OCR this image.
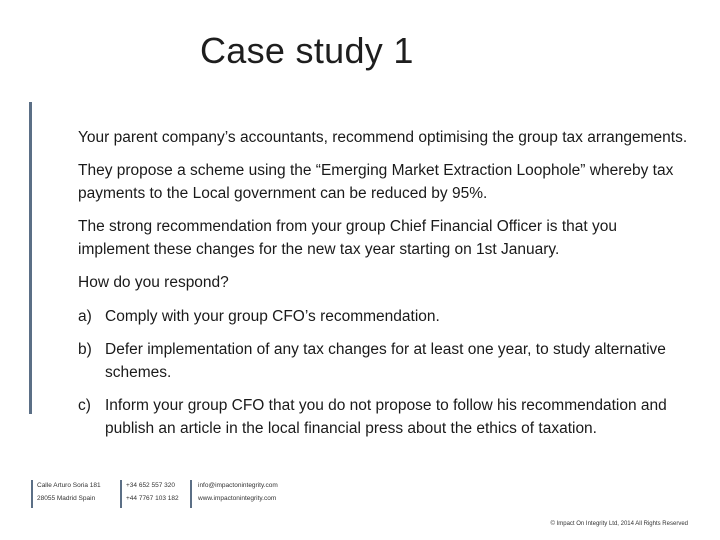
Case study 1

Your parent company’s accountants, recommend optimising the group tax arrangements.

They propose a scheme using the “Emerging Market Extraction Loophole” whereby tax payments to the Local government can be reduced by 95%.

The strong recommendation from your group Chief Financial Officer is that you implement these changes for the new tax year starting on 1st January.

How do you respond?

a) Comply with your group CFO’s recommendation.
b) Defer implementation of any tax changes for at least one year, to study alternative schemes.
c) Inform your group CFO that you do not propose to follow his recommendation and publish an article in the local financial press about the ethics of taxation.
Calle Arturo Soria 181
28055 Madrid Spain
+34 652 557 320
+44 7767 103 182
info@impactonintegrity.com
www.impactonintegrity.com
© Impact On Integrity Ltd, 2014 All Rights Reserved
